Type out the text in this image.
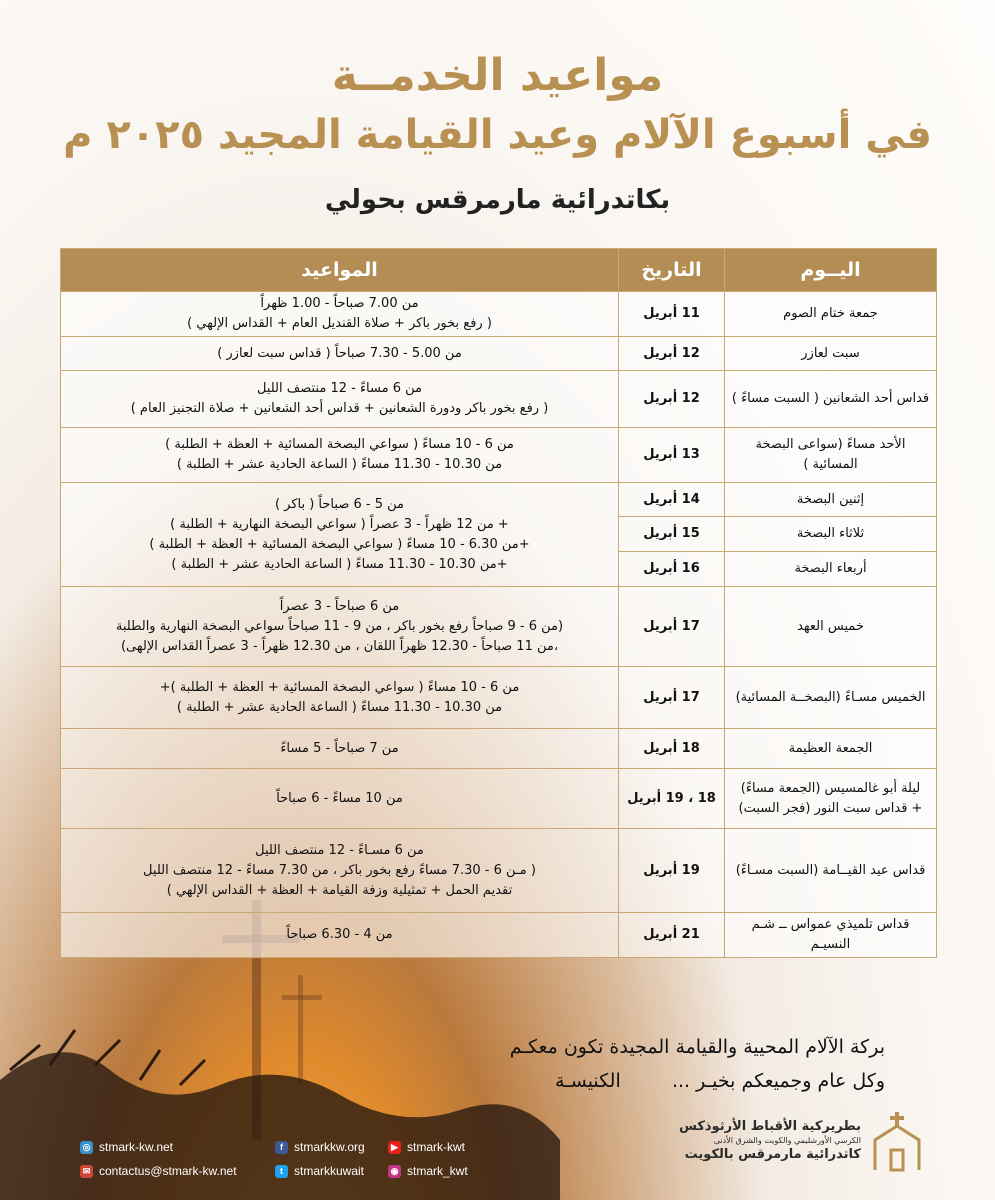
مواعيد الخدمــة
في أسبوع الآلام وعيد القيامة المجيد ٢٠٢٥ م
بكاتدرائية مارمرقس بحولي
اليــوم	التاريخ	المواعيد
جمعة ختام الصوم	11 أبريل	من 7.00 صباحاً - 1.00 ظهراً
( رفع بخور باكر + صلاة القنديل العام + القداس الإلهي )

سبت لعازر	12 أبريل	من 5.00 - 7.30 صباحاً ( قداس سبت لعازر )

قداس أحد الشعانين ( السبت مساءً )	12 أبريل	من 6 مساءً - 12 منتصف الليل
( رفع بخور باكر ودورة الشعانين + قداس أحد الشعانين + صلاة التجنيز العام )

الأحد مساءً (سواعى البصخة المسائية )	13 أبريل	من 6 - 10 مساءً ( سواعي البصخة المسائية + العظة + الطلبة )
من 10.30 - 11.30 مساءً ( الساعة الحادية عشر + الطلبة )

إثنين البصخة	14 أبريل	من 5 - 6 صباحاً ( باكر )
+ من 12 ظهراً - 3 عصراً ( سواعي البصخة النهارية + الطلبة )
+من 6.30 - 10 مساءً ( سواعي البصخة المسائية + العظة + الطلبة )
+من 10.30 - 11.30 مساءً ( الساعة الحادية عشر + الطلبة )

ثلاثاء البصخة	15 أبريل	
أربعاء البصخة	16 أبريل	
خميس العهد	17 أبريل	من 6 صباحاً - 3 عصراً
(من 6 - 9 صباحاً رفع بخور باكر ، من 9 - 11 صباحاً سواعي البصخة النهارية والطلبة
،من 11 صباحاً - 12.30 ظهراً اللقان ، من 12.30 ظهراً - 3 عصراً القداس الإلهى)

الخميس مسـاءً (البصخــة المسائية)	17 أبريل	من 6 - 10 مساءً ( سواعي البصخة المسائية + العظة + الطلبة )+
من 10.30 - 11.30 مساءً ( الساعة الحادية عشر + الطلبة )

الجمعة العظيمة	18 أبريل	من 7 صباحاً - 5 مساءً

ليلة أبو غالمسيس (الجمعة مساءً)
+ قداس سبت النور (فجر السبت)	18 ، 19 أبريل	من 10 مساءً - 6 صباحاً

قداس عيد القيــامة (السبت مسـاءً)	19 أبريل	من 6 مسـاءً - 12 منتصف الليل
( مـن 6 - 7.30 مساءً رفع بخور باكر ، من 7.30 مساءً - 12 منتصف الليل
تقديم الحمل + تمثيلية وزفة القيامة + العظة + القداس الإلهي )

قداس تلميذي عمواس ــ شـم النسيـم	21 أبريل	من 4 - 6.30 صباحاً
بركة الآلام المحيية والقيامة المجيدة تكون معكـم
وكل عام وجميعكم بخيـر ...
الكنيسـة
◎ stmark-kw.net
✉ contactus@stmark-kw.net
f stmarkkw.org
t stmarkkuwait
▶ stmark-kwt
◉ stmark_kwt
بطريركية الأقباط الأرثوذكس
الكرسي الأورشليمي والكويت والشرق الأدنى
كاتدرائية مارمرقس بالكويت
